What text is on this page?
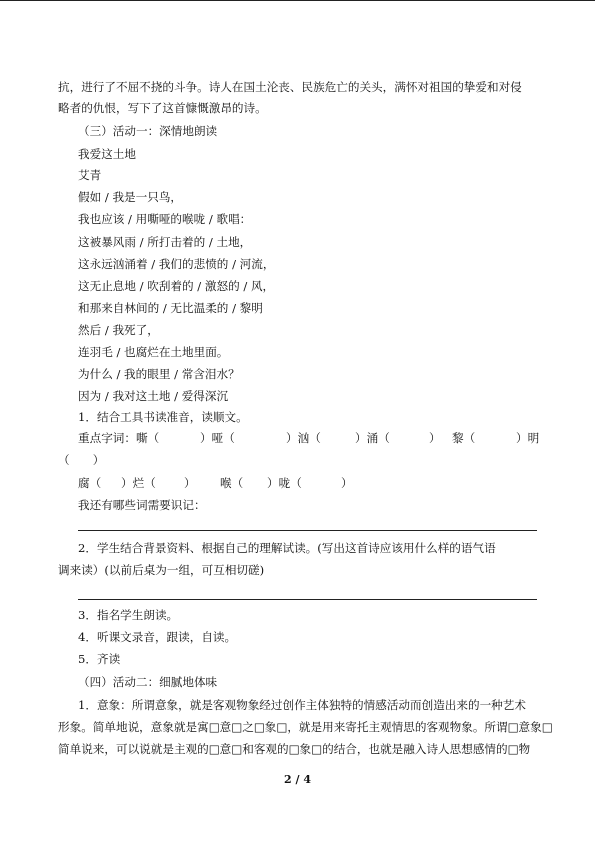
抗，进行了不屈不挠的斗争。诗人在国土沦丧、民族危亡的关头，满怀对祖国的挚爱和对侵
略者的仇恨，写下了这首慷慨激昂的诗。
（三）活动一：深情地朗读
我爱这土地
艾青
假如 / 我是一只鸟，
我也应该 / 用嘶哑的喉咙 / 歌唱：
这被暴风雨 / 所打击着的 / 土地，
这永远汹涌着 / 我们的悲愤的 / 河流，
这无止息地 / 吹刮着的 / 激怒的 / 风，
和那来自林间的 / 无比温柔的 / 黎明
然后 / 我死了，
连羽毛 / 也腐烂在土地里面。
为什么 / 我的眼里 / 常含泪水？
因为 / 我对这土地 / 爱得深沉
1．结合工具书读准音，读顺文。
重点字词：嘶（	）哑（	）汹（	）涌（	） 黎（	）明
（　　）
腐（ ）烂（ ） 喉（ ）咙（	）
我还有哪些词需要识记：
2．学生结合背景资料、根据自己的理解试读。(写出这首诗应该用什么样的语气语
调来读）(以前后桌为一组，可互相切磋)
3．指名学生朗读。
4．听课文录音，跟读，自读。
5．齐读
（四）活动二：细腻地体味
1．意象：所谓意象，就是客观物象经过创作主体独特的情感活动而创造出来的一种艺术
形象。简单地说，意象就是寓□意□之□象□，就是用来寄托主观情思的客观物象。所谓□意象□
简单说来，可以说就是主观的□意□和客观的□象□的结合，也就是融入诗人思想感情的□物
2 / 4
